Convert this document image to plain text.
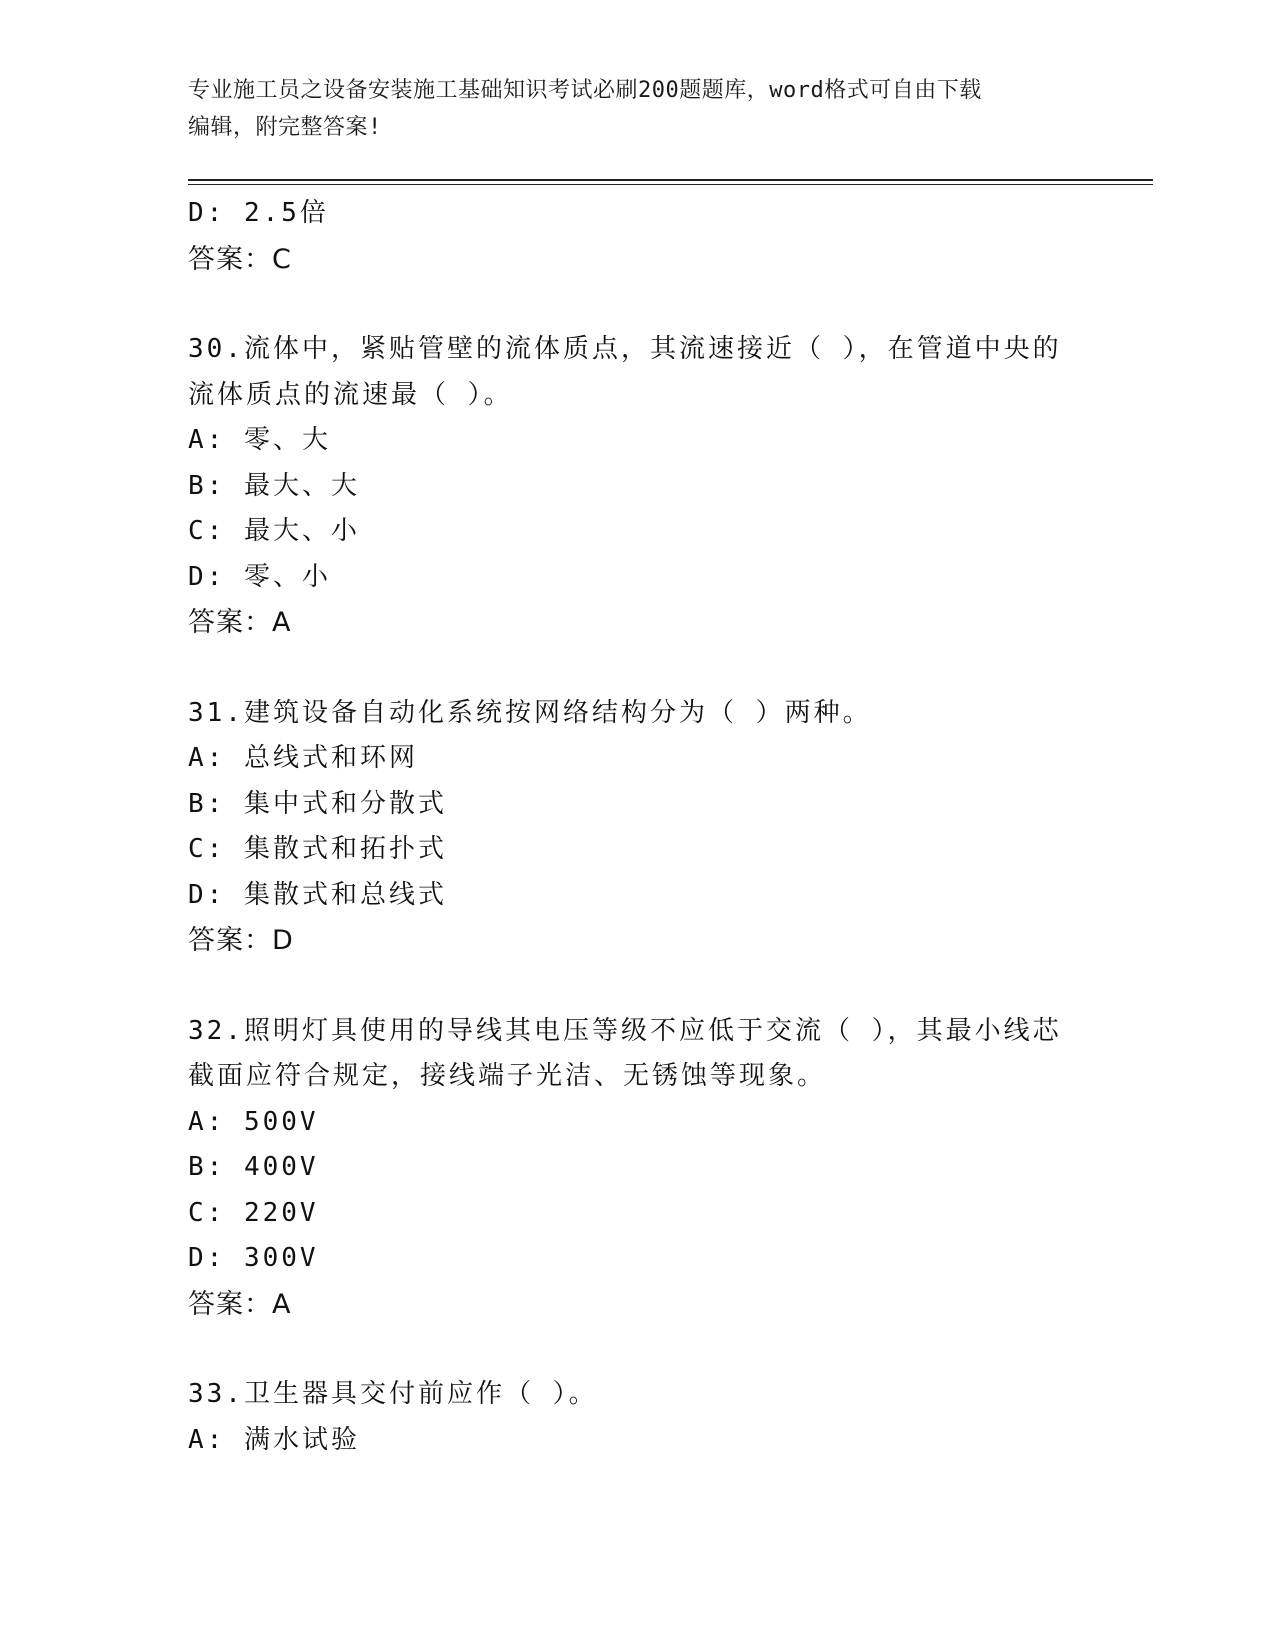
专业施工员之设备安装施工基础知识考试必刷200题题库，word格式可自由下载
编辑，附完整答案!
D: 2.5倍
答案：C
30.流体中，紧贴管壁的流体质点，其流速接近（ ），在管道中央的
流体质点的流速最（ ）。
A: 零、大
B: 最大、大
C: 最大、小
D: 零、小
答案：A
31.建筑设备自动化系统按网络结构分为（ ）两种。
A: 总线式和环网
B: 集中式和分散式
C: 集散式和拓扑式
D: 集散式和总线式
答案：D
32.照明灯具使用的导线其电压等级不应低于交流（ ），其最小线芯
截面应符合规定，接线端子光洁、无锈蚀等现象。
A: 500V
B: 400V
C: 220V
D: 300V
答案：A
33.卫生器具交付前应作（ ）。
A: 满水试验
